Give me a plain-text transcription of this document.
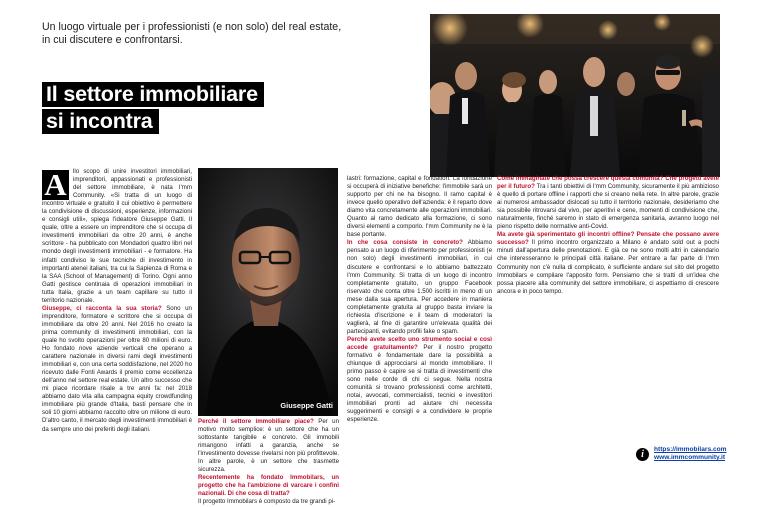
Un luogo virtuale per i professionisti (e non solo) del real estate,
in cui discutere e confrontarsi.
Il settore immobiliare
si incontra
A	llo scopo di unire investitori immobiliari, imprenditori, appassionati e professionisti del settore immobiliare, è nata I'mm Community. «Si tratta di un luogo di incontro virtuale e gratuito il cui obiettivo è permettere la condivisione di discussioni, esperienze, informazioni e consigli utili», spiega l'ideatore Giuseppe Gatti. Il quale, oltre a essere un imprenditore che si occupa di investimenti immobiliari da oltre 20 anni, è anche scrittore - ha pubblicato con Mondadori quattro libri nel mondo degli investimenti immobiliari - e formatore. Ha infatti condiviso le sue tecniche di investimento in importanti atenei italiani, tra cui la Sapienza di Roma e la SAA (School of Management) di Torino. Ogni anno Gatti gestisce centinaia di operazioni immobiliari in tutta Italia, grazie a un team capillare su tutto il territorio nazionale.

Giuseppe, ci racconta la sua storia? Sono un imprenditore, formatore e scrittore che si occupa di immobiliare da oltre 20 anni. Nel 2016 ho creato la prima community di investimenti immobiliari, con la quale ho svolto operazioni per oltre 80 milioni di euro. Ho fondato nove aziende verticali che operano a carattere nazionale in diversi rami degli investimenti immobiliari e, con una certa soddisfazione, nel 2020 ho ricevuto dalle Fonti Awards il premio come eccellenza dell'anno nel settore real estate. Un altro successo che mi piace ricordare risale a tre anni fa: nel 2018 abbiamo dato vita alla campagna equity crowdfunding immobiliare più grande d'Italia, basti pensare che in soli 10 giorni abbiamo raccolto oltre un milione di euro. D'altro canto, il mercato degli investimenti immobiliari è da sempre uno dei preferiti degli italiani.

Giuseppe Gatti

Perché il settore immobiliare piace? Per un motivo molto semplice: è un settore che ha un sottostante tangibile e concreto. Gli immobili rimangono infatti a garanzia, anche se l'investimento dovesse rivelarsi non più profittevole. In altre parole, è un settore che trasmette sicurezza.

Recentemente ha fondato Immobilars, un progetto che ha l'ambizione di varcare i confini nazionali. Di che cosa di tratta?

Il progetto Immobilars è composto da tre grandi pi-

lastri: formazione, capital e fondation. La fondazione si occuperà di iniziative benefiche: l'immobile sarà un supporto per chi ne ha bisogno. Il ramo capital è invece quello operativo dell'azienda: è il reparto dove diamo vita concretamente alle operazioni immobiliari. Quanto al ramo dedicato alla formazione, ci sono diversi elementi a comporlo. I'mm Community ne è la base portante.

In che cosa consiste in concreto? Abbiamo pensato a un luogo di riferimento per professionisti (e non solo) degli investimenti immobiliari, in cui discutere e confrontarsi e lo abbiamo battezzato I'mm Community. Si tratta di un luogo di incontro completamente gratuito, un gruppo Facebook riservato che conta oltre 1.500 iscritti in meno di un mese dalla sua apertura. Per accedere in maniera completamente gratuita al gruppo basta inviare la richiesta d'iscrizione e il team di moderatori la vaglierà, al fine di garantire un'elevata qualità dei partecipanti, evitando profili fake o spam.

Perché avete scelto uno strumento social e così accede gratuitamente? Per il nostro progetto formativo è fondamentale dare la possibilità a chiunque di approcciarsi al mondo immobiliare. Il primo passo è capire se si tratta di investimenti che sono nelle corde di chi ci segue. Nella nostra comunità si trovano professionisti come architetti, notai, avvocati, commercialisti, tecnici e investitori immobiliari pronti ad aiutare chi necessita suggerimenti e consigli e a condividere le proprie esperienze.

Come immaginate che possa crescere questa comunità? Che progetti avete per il futuro? Tra i tanti obiettivi di I'mm Community, sicuramente il più ambizioso è quello di portare offline i rapporti che si creano nella rete. In altre parole, grazie ai numerosi ambassador dislocati su tutto il territorio nazionale, desideriamo che sia possibile ritrovarsi dal vivo, per aperitivi e cene, momenti di condivisione che, naturalmente, finché saremo in stato di emergenza sanitaria, avranno luogo nel pieno rispetto delle normative anti-Covid.

Ma avete già sperimentato gli incontri offline? Pensate che possano avere successo? Il primo incontro organizzato a Milano è andato sold out a pochi minuti dall'apertura delle prenotazioni. E già ce ne sono molti altri in calendario che interesseranno le principali città italiane. Per entrare a far parte di I'mm Community non c'è nulla di complicato, è sufficiente andare sul sito del progetto Immobilars e compilare l'apposito form. Pensiamo che si tratti di un'idea che possa piacere alla community del settore immobiliare, ci aspettiamo di crescere ancora e in poco tempo.

i	https://immobilars.com
www.immcommunity.it
